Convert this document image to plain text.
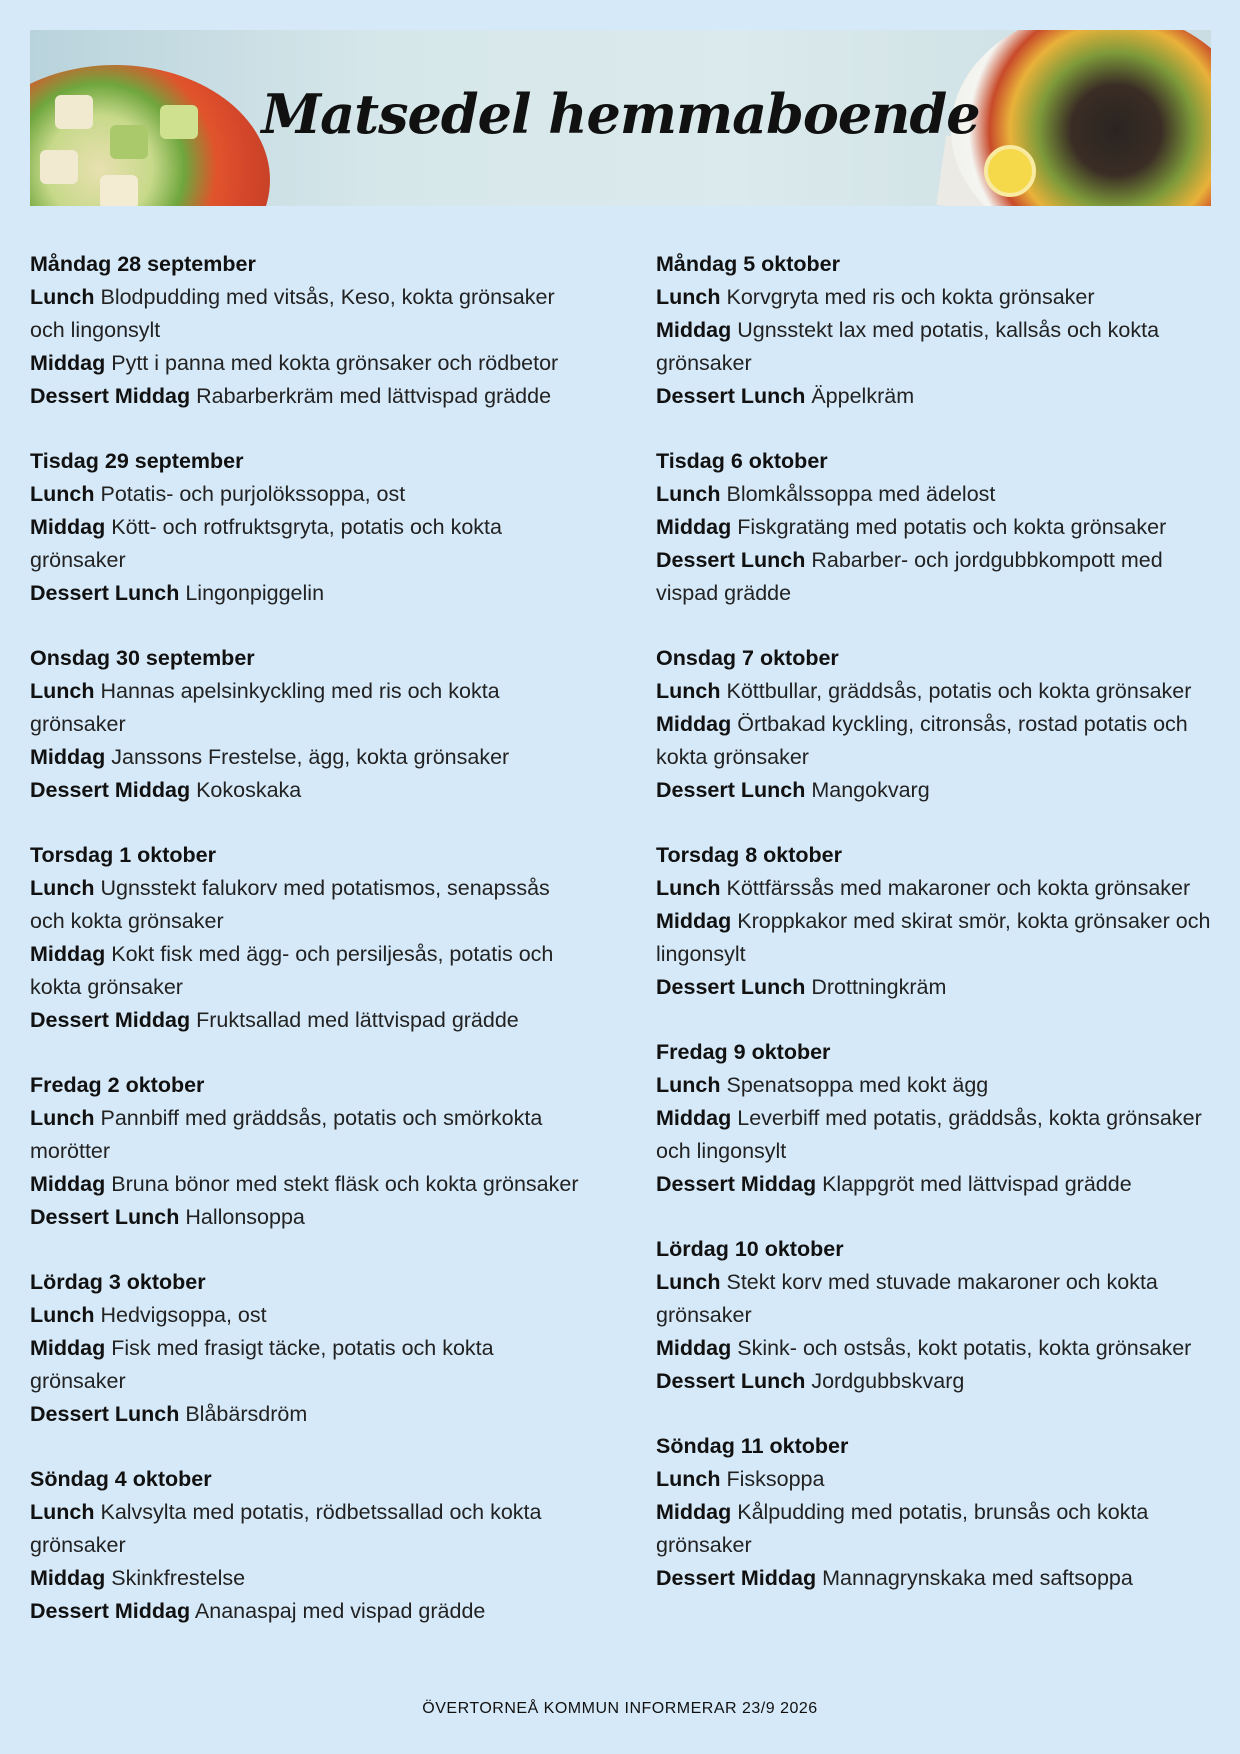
Matsedel hemmaboende
Måndag 28 september
Lunch Blodpudding med vitsås, Keso, kokta grönsaker och lingonsylt
Middag Pytt i panna med kokta grönsaker och rödbetor
Dessert Middag Rabarberkräm med lättvispad grädde
Tisdag 29 september
Lunch Potatis- och purjolökssoppa, ost
Middag Kött- och rotfruktsgryta, potatis och kokta grönsaker
Dessert Lunch Lingonpiggelin
Onsdag 30 september
Lunch Hannas apelsinkyckling med ris och kokta grönsaker
Middag Janssons Frestelse, ägg, kokta grönsaker
Dessert Middag Kokoskaka
Torsdag 1 oktober
Lunch Ugnsstekt falukorv med potatismos, senapssås och kokta grönsaker
Middag Kokt fisk med ägg- och persiljesås, potatis och kokta grönsaker
Dessert Middag Fruktsallad med lättvispad grädde
Fredag 2 oktober
Lunch Pannbiff med gräddsås, potatis och smörkokta morötter
Middag Bruna bönor med stekt fläsk och kokta grönsaker
Dessert Lunch Hallonsoppa
Lördag 3 oktober
Lunch Hedvigsoppa, ost
Middag Fisk med frasigt täcke, potatis och kokta grönsaker
Dessert Lunch Blåbärsdröm
Söndag 4 oktober
Lunch Kalvsylta med potatis, rödbetssallad och kokta grönsaker
Middag Skinkfrestelse
Dessert Middag Ananaspaj med vispad grädde
Måndag 5 oktober
Lunch Korvgryta med ris och kokta grönsaker
Middag Ugnsstekt lax med potatis, kallsås och kokta grönsaker
Dessert Lunch Äppelkräm
Tisdag 6 oktober
Lunch Blomkålssoppa med ädelost
Middag Fiskgratäng med potatis och kokta grönsaker
Dessert Lunch Rabarber- och jordgubbkompott med vispad grädde
Onsdag 7 oktober
Lunch Köttbullar, gräddsås, potatis och kokta grönsaker
Middag Örtbakad kyckling, citronsås, rostad potatis och kokta grönsaker
Dessert Lunch Mangokvarg
Torsdag 8 oktober
Lunch Köttfärssås med makaroner och kokta grönsaker
Middag Kroppkakor med skirat smör, kokta grönsaker och lingonsylt
Dessert Lunch Drottningkräm
Fredag 9 oktober
Lunch Spenatsoppa med kokt ägg
Middag Leverbiff med potatis, gräddsås, kokta grönsaker och lingonsylt
Dessert Middag Klappgröt med lättvispad grädde
Lördag 10 oktober
Lunch Stekt korv med stuvade makaroner och kokta grönsaker
Middag Skink- och ostsås, kokt potatis, kokta grönsaker
Dessert Lunch Jordgubbskvarg
Söndag 11 oktober
Lunch Fisksoppa
Middag Kålpudding med potatis, brunsås och kokta grönsaker
Dessert Middag Mannagrynskaka med saftsoppa
ÖVERTORNEÅ KOMMUN INFORMERAR 23/9 2026
